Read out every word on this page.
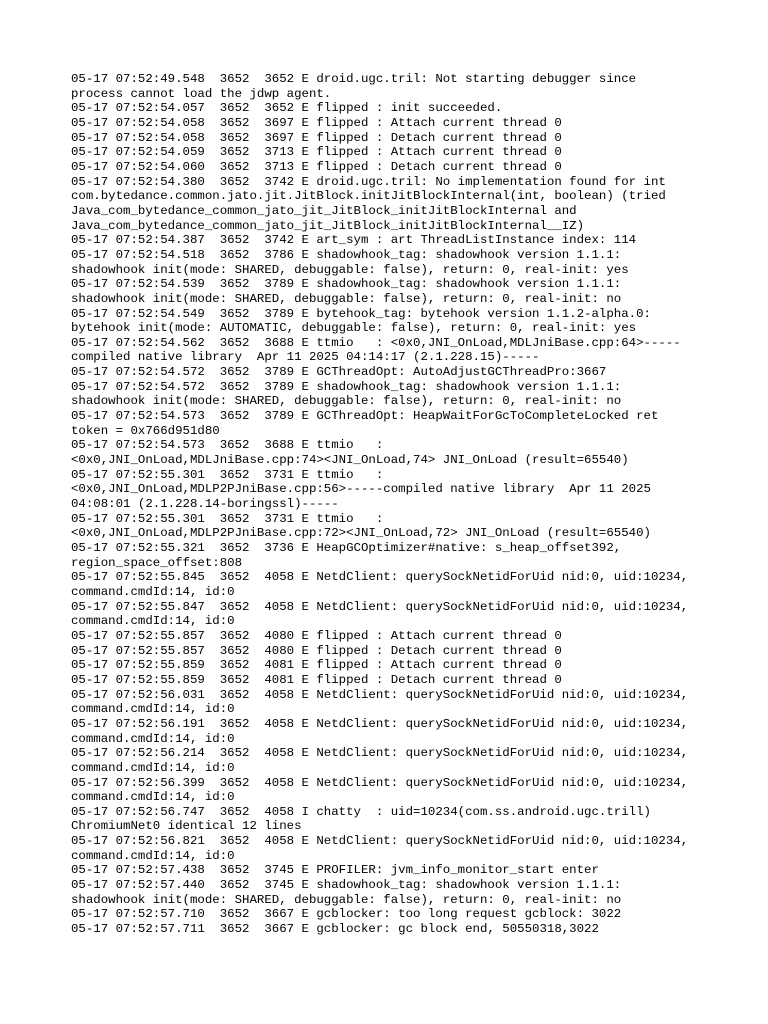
05-17 07:52:49.548  3652  3652 E droid.ugc.tril: Not starting debugger since
process cannot load the jdwp agent.
05-17 07:52:54.057  3652  3652 E flipped : init succeeded.
05-17 07:52:54.058  3652  3697 E flipped : Attach current thread 0
05-17 07:52:54.058  3652  3697 E flipped : Detach current thread 0
05-17 07:52:54.059  3652  3713 E flipped : Attach current thread 0
05-17 07:52:54.060  3652  3713 E flipped : Detach current thread 0
05-17 07:52:54.380  3652  3742 E droid.ugc.tril: No implementation found for int
com.bytedance.common.jato.jit.JitBlock.initJitBlockInternal(int, boolean) (tried
Java_com_bytedance_common_jato_jit_JitBlock_initJitBlockInternal and
Java_com_bytedance_common_jato_jit_JitBlock_initJitBlockInternal__IZ)
05-17 07:52:54.387  3652  3742 E art_sym : art ThreadListInstance index: 114
05-17 07:52:54.518  3652  3786 E shadowhook_tag: shadowhook version 1.1.1:
shadowhook init(mode: SHARED, debuggable: false), return: 0, real-init: yes
05-17 07:52:54.539  3652  3789 E shadowhook_tag: shadowhook version 1.1.1:
shadowhook init(mode: SHARED, debuggable: false), return: 0, real-init: no
05-17 07:52:54.549  3652  3789 E bytehook_tag: bytehook version 1.1.2-alpha.0:
bytehook init(mode: AUTOMATIC, debuggable: false), return: 0, real-init: yes
05-17 07:52:54.562  3652  3688 E ttmio   : <0x0,JNI_OnLoad,MDLJniBase.cpp:64>-----
compiled native library  Apr 11 2025 04:14:17 (2.1.228.15)-----
05-17 07:52:54.572  3652  3789 E GCThreadOpt: AutoAdjustGCThreadPro:3667
05-17 07:52:54.572  3652  3789 E shadowhook_tag: shadowhook version 1.1.1:
shadowhook init(mode: SHARED, debuggable: false), return: 0, real-init: no
05-17 07:52:54.573  3652  3789 E GCThreadOpt: HeapWaitForGcToCompleteLocked ret
token = 0x766d951d80
05-17 07:52:54.573  3652  3688 E ttmio   :
<0x0,JNI_OnLoad,MDLJniBase.cpp:74><JNI_OnLoad,74> JNI_OnLoad (result=65540)
05-17 07:52:55.301  3652  3731 E ttmio   :
<0x0,JNI_OnLoad,MDLP2PJniBase.cpp:56>-----compiled native library  Apr 11 2025
04:08:01 (2.1.228.14-boringssl)-----
05-17 07:52:55.301  3652  3731 E ttmio   :
<0x0,JNI_OnLoad,MDLP2PJniBase.cpp:72><JNI_OnLoad,72> JNI_OnLoad (result=65540)
05-17 07:52:55.321  3652  3736 E HeapGCOptimizer#native: s_heap_offset392,
region_space_offset:808
05-17 07:52:55.845  3652  4058 E NetdClient: querySockNetidForUid nid:0, uid:10234,
command.cmdId:14, id:0
05-17 07:52:55.847  3652  4058 E NetdClient: querySockNetidForUid nid:0, uid:10234,
command.cmdId:14, id:0
05-17 07:52:55.857  3652  4080 E flipped : Attach current thread 0
05-17 07:52:55.857  3652  4080 E flipped : Detach current thread 0
05-17 07:52:55.859  3652  4081 E flipped : Attach current thread 0
05-17 07:52:55.859  3652  4081 E flipped : Detach current thread 0
05-17 07:52:56.031  3652  4058 E NetdClient: querySockNetidForUid nid:0, uid:10234,
command.cmdId:14, id:0
05-17 07:52:56.191  3652  4058 E NetdClient: querySockNetidForUid nid:0, uid:10234,
command.cmdId:14, id:0
05-17 07:52:56.214  3652  4058 E NetdClient: querySockNetidForUid nid:0, uid:10234,
command.cmdId:14, id:0
05-17 07:52:56.399  3652  4058 E NetdClient: querySockNetidForUid nid:0, uid:10234,
command.cmdId:14, id:0
05-17 07:52:56.747  3652  4058 I chatty  : uid=10234(com.ss.android.ugc.trill)
ChromiumNet0 identical 12 lines
05-17 07:52:56.821  3652  4058 E NetdClient: querySockNetidForUid nid:0, uid:10234,
command.cmdId:14, id:0
05-17 07:52:57.438  3652  3745 E PROFILER: jvm_info_monitor_start enter
05-17 07:52:57.440  3652  3745 E shadowhook_tag: shadowhook version 1.1.1:
shadowhook init(mode: SHARED, debuggable: false), return: 0, real-init: no
05-17 07:52:57.710  3652  3667 E gcblocker: too long request gcblock: 3022
05-17 07:52:57.711  3652  3667 E gcblocker: gc block end, 50550318,3022
